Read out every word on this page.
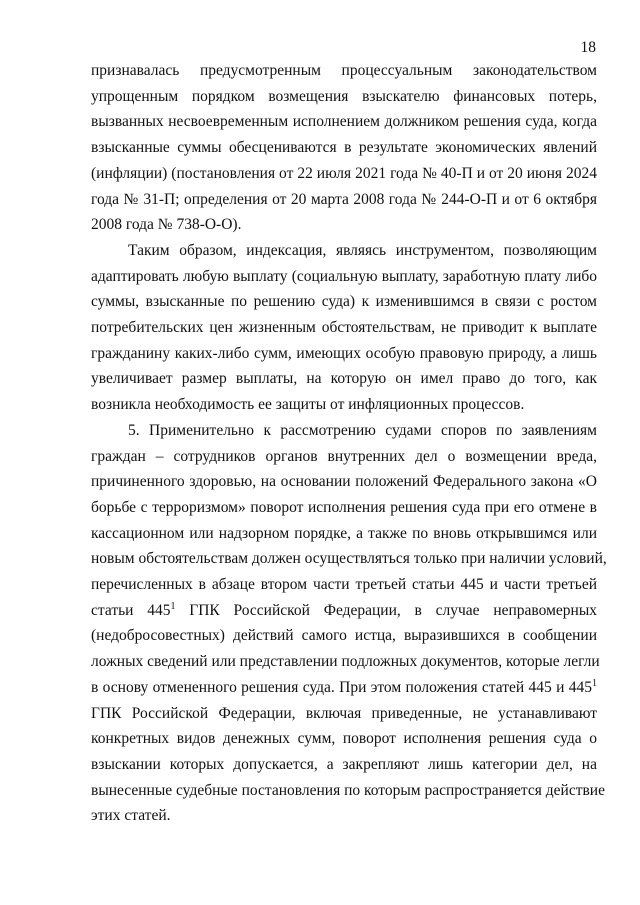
18

признавалась предусмотренным процессуальным законодательством
упрощенным порядком возмещения взыскателю финансовых потерь,
вызванных несвоевременным исполнением должником решения суда, когда
взысканные суммы обесцениваются в результате экономических явлений
(инфляции) (постановления от 22 июля 2021 года № 40-П и от 20 июня 2024
года № 31-П; определения от 20 марта 2008 года № 244-О-П и от 6 октября
2008 года № 738-О-О).

Таким образом, индексация, являясь инструментом, позволяющим
адаптировать любую выплату (социальную выплату, заработную плату либо
суммы, взысканные по решению суда) к изменившимся в связи с ростом
потребительских цен жизненным обстоятельствам, не приводит к выплате
гражданину каких-либо сумм, имеющих особую правовую природу, а лишь
увеличивает размер выплаты, на которую он имел право до того, как
возникла необходимость ее защиты от инфляционных процессов.

5. Применительно к рассмотрению судами споров по заявлениям
граждан – сотрудников органов внутренних дел о возмещении вреда,
причиненного здоровью, на основании положений Федерального закона «О
борьбе с терроризмом» поворот исполнения решения суда при его отмене в
кассационном или надзорном порядке, а также по вновь открывшимся или
новым обстоятельствам должен осуществляться только при наличии условий,
перечисленных в абзаце втором части третьей статьи 445 и части третьей
статьи $445^1$ ГПК Российской Федерации, в случае неправомерных
(недобросовестных) действий самого истца, выразившихся в сообщении
ложных сведений или представлении подложных документов, которые легли
в основу отмененного решения суда. При этом положения статей 445 и $445^1$
ГПК Российской Федерации, включая приведенные, не устанавливают
конкретных видов денежных сумм, поворот исполнения решения суда о
взыскании которых допускается, а закрепляют лишь категории дел, на
вынесенные судебные постановления по которым распространяется действие
этих статей.
